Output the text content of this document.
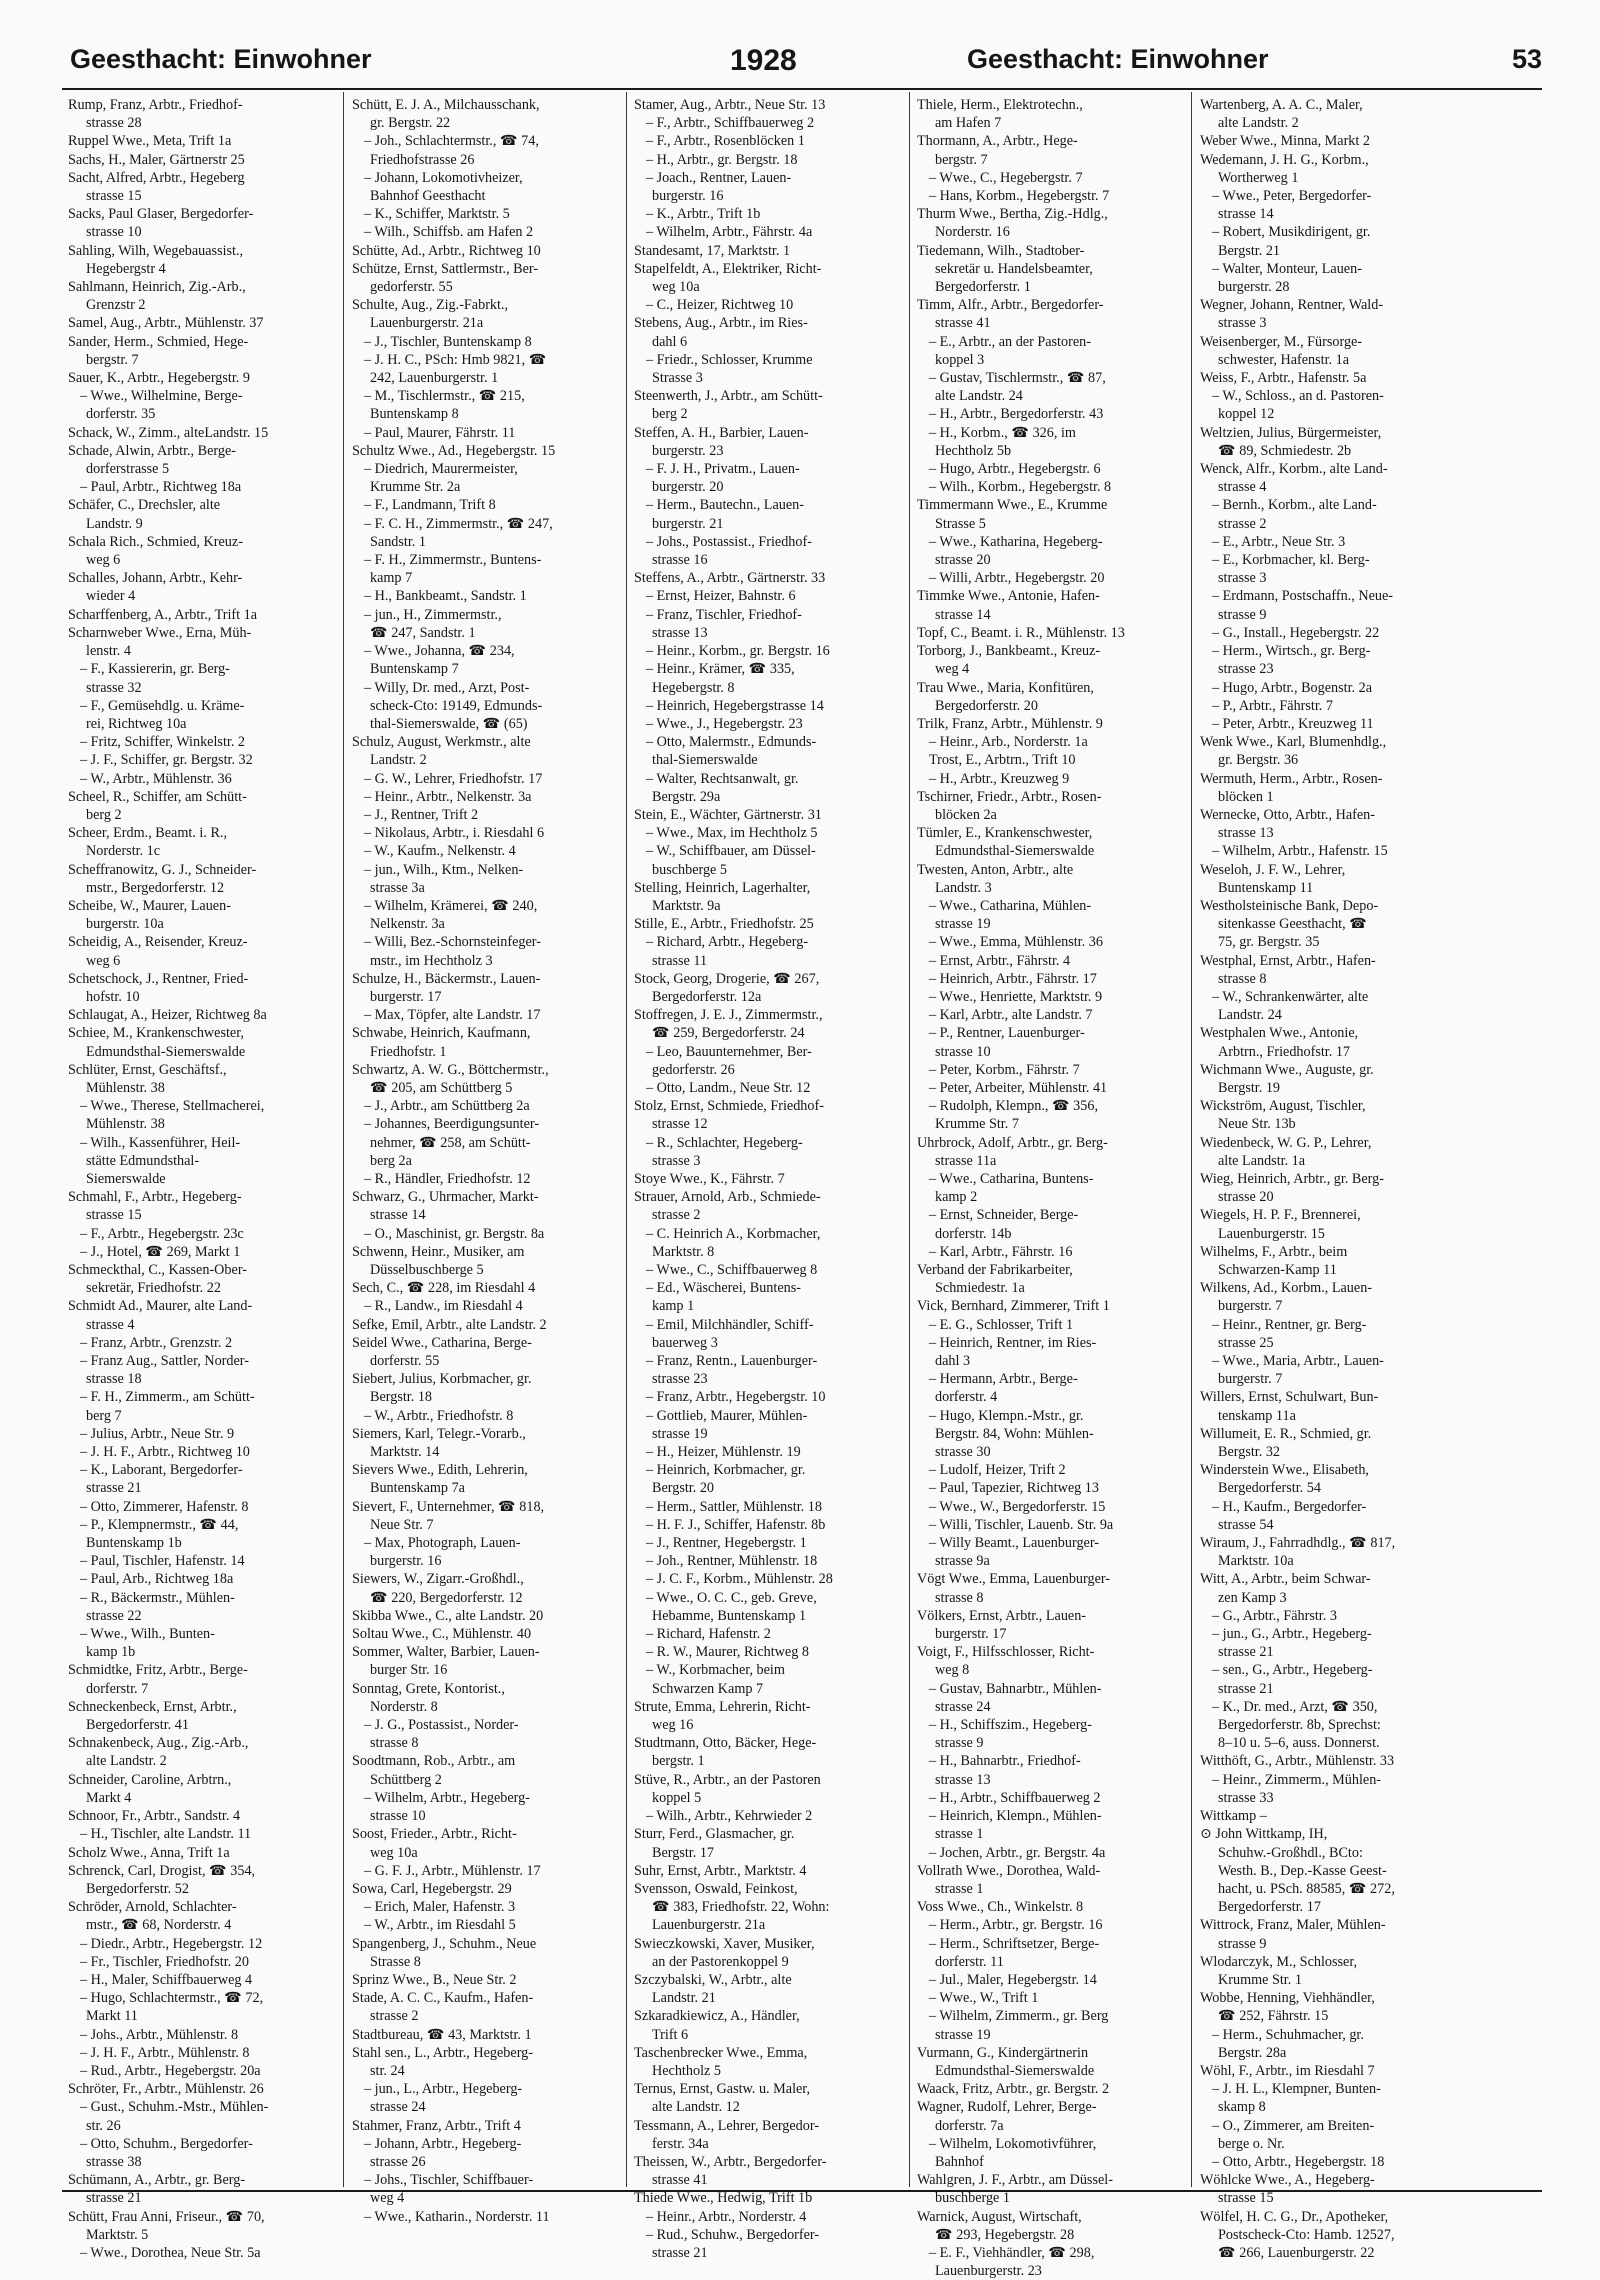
Geesthacht: Einwohner	1928	Geesthacht: Einwohner	53
Rump, Franz, Arbtr., Friedhof-
strasse 28
Ruppel Wwe., Meta, Trift 1a
Sachs, H., Maler, Gärtnerstr 25
Sacht, Alfred, Arbtr., Hegeberg
strasse 15
Sacks, Paul Glaser, Bergedorfer-
strasse 10
Sahling, Wilh, Wegebauassist.,
Hegebergstr 4
Sahlmann, Heinrich, Zig.-Arb.,
Grenzstr 2
Samel, Aug., Arbtr., Mühlenstr. 37
Sander, Herm., Schmied, Hege-
bergstr. 7
Sauer, K., Arbtr., Hegebergstr. 9
– Wwe., Wilhelmine, Berge-
dorferstr. 35
Schack, W., Zimm., alteLandstr. 15
Schade, Alwin, Arbtr., Berge-
dorferstrasse 5
– Paul, Arbtr., Richtweg 18a
Schäfer, C., Drechsler, alte
Landstr. 9
Schala Rich., Schmied, Kreuz-
weg 6
Schalles, Johann, Arbtr., Kehr-
wieder 4
Scharffenberg, A., Arbtr., Trift 1a
Scharnweber Wwe., Erna, Müh-
lenstr. 4
– F., Kassiererin, gr. Berg-
strasse 32
– F., Gemüsehdlg. u. Kräme-
rei, Richtweg 10a
– Fritz, Schiffer, Winkelstr. 2
– J. F., Schiffer, gr. Bergstr. 32
– W., Arbtr., Mühlenstr. 36
Scheel, R., Schiffer, am Schütt-
berg 2
Scheer, Erdm., Beamt. i. R.,
Norderstr. 1c
Scheffranowitz, G. J., Schneider-
mstr., Bergedorferstr. 12
Scheibe, W., Maurer, Lauen-
burgerstr. 10a
Scheidig, A., Reisender, Kreuz-
weg 6
Schetschock, J., Rentner, Fried-
hofstr. 10
Schlaugat, A., Heizer, Richtweg 8a
Schiee, M., Krankenschwester,
Edmundsthal-Siemerswalde
Schlüter, Ernst, Geschäftsf.,
Mühlenstr. 38
– Wwe., Therese, Stellmacherei,
Mühlenstr. 38
– Wilh., Kassenführer, Heil-
stätte Edmundsthal-
Siemerswalde
Schmahl, F., Arbtr., Hegeberg-
strasse 15
– F., Arbtr., Hegebergstr. 23c
– J., Hotel, ☎ 269, Markt 1
Schmeckthal, C., Kassen-Ober-
sekretär, Friedhofstr. 22
Schmidt Ad., Maurer, alte Land-
strasse 4
– Franz, Arbtr., Grenzstr. 2
– Franz Aug., Sattler, Norder-
strasse 18
– F. H., Zimmerm., am Schütt-
berg 7
– Julius, Arbtr., Neue Str. 9
– J. H. F., Arbtr., Richtweg 10
– K., Laborant, Bergedorfer-
strasse 21
– Otto, Zimmerer, Hafenstr. 8
– P., Klempnermstr., ☎ 44,
Buntenskamp 1b
– Paul, Tischler, Hafenstr. 14
– Paul, Arb., Richtweg 18a
– R., Bäckermstr., Mühlen-
strasse 22
– Wwe., Wilh., Bunten-
kamp 1b
Schmidtke, Fritz, Arbtr., Berge-
dorferstr. 7
Schneckenbeck, Ernst, Arbtr.,
Bergedorferstr. 41
Schnakenbeck, Aug., Zig.-Arb.,
alte Landstr. 2
Schneider, Caroline, Arbtrn.,
Markt 4
Schnoor, Fr., Arbtr., Sandstr. 4
– H., Tischler, alte Landstr. 11
Scholz Wwe., Anna, Trift 1a
Schrenck, Carl, Drogist, ☎ 354,
Bergedorferstr. 52
Schröder, Arnold, Schlachter-
mstr., ☎ 68, Norderstr. 4
– Diedr., Arbtr., Hegebergstr. 12
– Fr., Tischler, Friedhofstr. 20
– H., Maler, Schiffbauerweg 4
– Hugo, Schlachtermstr., ☎ 72,
Markt 11
– Johs., Arbtr., Mühlenstr. 8
– J. H. F., Arbtr., Mühlenstr. 8
– Rud., Arbtr., Hegebergstr. 20a
Schröter, Fr., Arbtr., Mühlenstr. 26
– Gust., Schuhm.-Mstr., Mühlen-
str. 26
– Otto, Schuhm., Bergedorfer-
strasse 38
Schümann, A., Arbtr., gr. Berg-
strasse 21
Schütt, Frau Anni, Friseur., ☎ 70,
Marktstr. 5
– Wwe., Dorothea, Neue Str. 5a
Schütt, E. J. A., Milchausschank,
gr. Bergstr. 22
– Joh., Schlachtermstr., ☎ 74,
Friedhofstrasse 26
– Johann, Lokomotivheizer,
Bahnhof Geesthacht
– K., Schiffer, Marktstr. 5
– Wilh., Schiffsb. am Hafen 2
Schütte, Ad., Arbtr., Richtweg 10
Schütze, Ernst, Sattlermstr., Ber-
gedorferstr. 55
Schulte, Aug., Zig.-Fabrkt.,
Lauenburgerstr. 21a
– J., Tischler, Buntenskamp 8
– J. H. C., PSch: Hmb 9821, ☎
242, Lauenburgerstr. 1
– M., Tischlermstr., ☎ 215,
Buntenskamp 8
– Paul, Maurer, Fährstr. 11
Schultz Wwe., Ad., Hegebergstr. 15
– Diedrich, Maurermeister,
Krumme Str. 2a
– F., Landmann, Trift 8
– F. C. H., Zimmermstr., ☎ 247,
Sandstr. 1
– F. H., Zimmermstr., Buntens-
kamp 7
– H., Bankbeamt., Sandstr. 1
– jun., H., Zimmermstr.,
☎ 247, Sandstr. 1
– Wwe., Johanna, ☎ 234,
Buntenskamp 7
– Willy, Dr. med., Arzt, Post-
scheck-Cto: 19149, Edmunds-
thal-Siemerswalde, ☎ (65)
Schulz, August, Werkmstr., alte
Landstr. 2
– G. W., Lehrer, Friedhofstr. 17
– Heinr., Arbtr., Nelkenstr. 3a
– J., Rentner, Trift 2
– Nikolaus, Arbtr., i. Riesdahl 6
– W., Kaufm., Nelkenstr. 4
– jun., Wilh., Ktm., Nelken-
strasse 3a
– Wilhelm, Krämerei, ☎ 240,
Nelkenstr. 3a
– Willi, Bez.-Schornsteinfeger-
mstr., im Hechtholz 3
Schulze, H., Bäckermstr., Lauen-
burgerstr. 17
– Max, Töpfer, alte Landstr. 17
Schwabe, Heinrich, Kaufmann,
Friedhofstr. 1
Schwartz, A. W. G., Böttchermstr.,
☎ 205, am Schüttberg 5
– J., Arbtr., am Schüttberg 2a
– Johannes, Beerdigungsunter-
nehmer, ☎ 258, am Schütt-
berg 2a
– R., Händler, Friedhofstr. 12
Schwarz, G., Uhrmacher, Markt-
strasse 14
– O., Maschinist, gr. Bergstr. 8a
Schwenn, Heinr., Musiker, am
Düsselbuschberge 5
Sech, C., ☎ 228, im Riesdahl 4
– R., Landw., im Riesdahl 4
Sefke, Emil, Arbtr., alte Landstr. 2
Seidel Wwe., Catharina, Berge-
dorferstr. 55
Siebert, Julius, Korbmacher, gr.
Bergstr. 18
– W., Arbtr., Friedhofstr. 8
Siemers, Karl, Telegr.-Vorarb.,
Marktstr. 14
Sievers Wwe., Edith, Lehrerin,
Buntenskamp 7a
Sievert, F., Unternehmer, ☎ 818,
Neue Str. 7
– Max, Photograph, Lauen-
burgerstr. 16
Siewers, W., Zigarr.-Großhdl.,
☎ 220, Bergedorferstr. 12
Skibba Wwe., C., alte Landstr. 20
Soltau Wwe., C., Mühlenstr. 40
Sommer, Walter, Barbier, Lauen-
burger Str. 16
Sonntag, Grete, Kontorist.,
Norderstr. 8
– J. G., Postassist., Norder-
strasse 8
Soodtmann, Rob., Arbtr., am
Schüttberg 2
– Wilhelm, Arbtr., Hegeberg-
strasse 10
Soost, Frieder., Arbtr., Richt-
weg 10a
– G. F. J., Arbtr., Mühlenstr. 17
Sowa, Carl, Hegebergstr. 29
– Erich, Maler, Hafenstr. 3
– W., Arbtr., im Riesdahl 5
Spangenberg, J., Schuhm., Neue
Strasse 8
Sprinz Wwe., B., Neue Str. 2
Stade, A. C. C., Kaufm., Hafen-
strasse 2
Stadtbureau, ☎ 43, Marktstr. 1
Stahl sen., L., Arbtr., Hegeberg-
str. 24
– jun., L., Arbtr., Hegeberg-
strasse 24
Stahmer, Franz, Arbtr., Trift 4
– Johann, Arbtr., Hegeberg-
strasse 26
– Johs., Tischler, Schiffbauer-
weg 4
– Wwe., Katharin., Norderstr. 11
Stamer, Aug., Arbtr., Neue Str. 13
– F., Arbtr., Schiffbauerweg 2
– F., Arbtr., Rosenblöcken 1
– H., Arbtr., gr. Bergstr. 18
– Joach., Rentner, Lauen-
burgerstr. 16
– K., Arbtr., Trift 1b
– Wilhelm, Arbtr., Fährstr. 4a
Standesamt, 17, Marktstr. 1
Stapelfeldt, A., Elektriker, Richt-
weg 10a
– C., Heizer, Richtweg 10
Stebens, Aug., Arbtr., im Ries-
dahl 6
– Friedr., Schlosser, Krumme
Strasse 3
Steenwerth, J., Arbtr., am Schütt-
berg 2
Steffen, A. H., Barbier, Lauen-
burgerstr. 23
– F. J. H., Privatm., Lauen-
burgerstr. 20
– Herm., Bautechn., Lauen-
burgerstr. 21
– Johs., Postassist., Friedhof-
strasse 16
Steffens, A., Arbtr., Gärtnerstr. 33
– Ernst, Heizer, Bahnstr. 6
– Franz, Tischler, Friedhof-
strasse 13
– Heinr., Korbm., gr. Bergstr. 16
– Heinr., Krämer, ☎ 335,
Hegebergstr. 8
– Heinrich, Hegebergstrasse 14
– Wwe., J., Hegebergstr. 23
– Otto, Malermstr., Edmunds-
thal-Siemerswalde
– Walter, Rechtsanwalt, gr.
Bergstr. 29a
Stein, E., Wächter, Gärtnerstr. 31
– Wwe., Max, im Hechtholz 5
– W., Schiffbauer, am Düssel-
buschberge 5
Stelling, Heinrich, Lagerhalter,
Marktstr. 9a
Stille, E., Arbtr., Friedhofstr. 25
– Richard, Arbtr., Hegeberg-
strasse 11
Stock, Georg, Drogerie, ☎ 267,
Bergedorferstr. 12a
Stoffregen, J. E. J., Zimmermstr.,
☎ 259, Bergedorferstr. 24
– Leo, Bauunternehmer, Ber-
gedorferstr. 26
– Otto, Landm., Neue Str. 12
Stolz, Ernst, Schmiede, Friedhof-
strasse 12
– R., Schlachter, Hegeberg-
strasse 3
Stoye Wwe., K., Fährstr. 7
Strauer, Arnold, Arb., Schmiede-
strasse 2
– C. Heinrich A., Korbmacher,
Marktstr. 8
– Wwe., C., Schiffbauerweg 8
– Ed., Wäscherei, Buntens-
kamp 1
– Emil, Milchhändler, Schiff-
bauerweg 3
– Franz, Rentn., Lauenburger-
strasse 23
– Franz, Arbtr., Hegebergstr. 10
– Gottlieb, Maurer, Mühlen-
strasse 19
– H., Heizer, Mühlenstr. 19
– Heinrich, Korbmacher, gr.
Bergstr. 20
– Herm., Sattler, Mühlenstr. 18
– H. F. J., Schiffer, Hafenstr. 8b
– J., Rentner, Hegebergstr. 1
– Joh., Rentner, Mühlenstr. 18
– J. C. F., Korbm., Mühlenstr. 28
– Wwe., O. C. C., geb. Greve,
Hebamme, Buntenskamp 1
– Richard, Hafenstr. 2
– R. W., Maurer, Richtweg 8
– W., Korbmacher, beim
Schwarzen Kamp 7
Strute, Emma, Lehrerin, Richt-
weg 16
Studtmann, Otto, Bäcker, Hege-
bergstr. 1
Stüve, R., Arbtr., an der Pastoren
koppel 5
– Wilh., Arbtr., Kehrwieder 2
Sturr, Ferd., Glasmacher, gr.
Bergstr. 17
Suhr, Ernst, Arbtr., Marktstr. 4
Svensson, Oswald, Feinkost,
☎ 383, Friedhofstr. 22, Wohn:
Lauenburgerstr. 21a
Swieczkowski, Xaver, Musiker,
an der Pastorenkoppel 9
Szczybalski, W., Arbtr., alte
Landstr. 21
Szkaradkiewicz, A., Händler,
Trift 6
Taschenbrecker Wwe., Emma,
Hechtholz 5
Ternus, Ernst, Gastw. u. Maler,
alte Landstr. 12
Tessmann, A., Lehrer, Bergedor-
ferstr. 34a
Theissen, W., Arbtr., Bergedorfer-
strasse 41
Thiede Wwe., Hedwig, Trift 1b
– Heinr., Arbtr., Norderstr. 4
– Rud., Schuhw., Bergedorfer-
strasse 21
Thiele, Herm., Elektrotechn.,
am Hafen 7
Thormann, A., Arbtr., Hege-
bergstr. 7
– Wwe., C., Hegebergstr. 7
– Hans, Korbm., Hegebergstr. 7
Thurm Wwe., Bertha, Zig.-Hdlg.,
Norderstr. 16
Tiedemann, Wilh., Stadtober-
sekretär u. Handelsbeamter,
Bergedorferstr. 1
Timm, Alfr., Arbtr., Bergedorfer-
strasse 41
– E., Arbtr., an der Pastoren-
koppel 3
– Gustav, Tischlermstr., ☎ 87,
alte Landstr. 24
– H., Arbtr., Bergedorferstr. 43
– H., Korbm., ☎ 326, im
Hechtholz 5b
– Hugo, Arbtr., Hegebergstr. 6
– Wilh., Korbm., Hegebergstr. 8
Timmermann Wwe., E., Krumme
Strasse 5
– Wwe., Katharina, Hegeberg-
strasse 20
– Willi, Arbtr., Hegebergstr. 20
Timmke Wwe., Antonie, Hafen-
strasse 14
Topf, C., Beamt. i. R., Mühlenstr. 13
Torborg, J., Bankbeamt., Kreuz-
weg 4
Trau Wwe., Maria, Konfitüren,
Bergedorferstr. 20
Trilk, Franz, Arbtr., Mühlenstr. 9
– Heinr., Arb., Norderstr. 1a
Trost, E., Arbtrn., Trift 10
– H., Arbtr., Kreuzweg 9
Tschirner, Friedr., Arbtr., Rosen-
blöcken 2a
Tümler, E., Krankenschwester,
Edmundsthal-Siemerswalde
Twesten, Anton, Arbtr., alte
Landstr. 3
– Wwe., Catharina, Mühlen-
strasse 19
– Wwe., Emma, Mühlenstr. 36
– Ernst, Arbtr., Fährstr. 4
– Heinrich, Arbtr., Fährstr. 17
– Wwe., Henriette, Marktstr. 9
– Karl, Arbtr., alte Landstr. 7
– P., Rentner, Lauenburger-
strasse 10
– Peter, Korbm., Fährstr. 7
– Peter, Arbeiter, Mühlenstr. 41
– Rudolph, Klempn., ☎ 356,
Krumme Str. 7
Uhrbrock, Adolf, Arbtr., gr. Berg-
strasse 11a
– Wwe., Catharina, Buntens-
kamp 2
– Ernst, Schneider, Berge-
dorferstr. 14b
– Karl, Arbtr., Fährstr. 16
Verband der Fabrikarbeiter,
Schmiedestr. 1a
Vick, Bernhard, Zimmerer, Trift 1
– E. G., Schlosser, Trift 1
– Heinrich, Rentner, im Ries-
dahl 3
– Hermann, Arbtr., Berge-
dorferstr. 4
– Hugo, Klempn.-Mstr., gr.
Bergstr. 84, Wohn: Mühlen-
strasse 30
– Ludolf, Heizer, Trift 2
– Paul, Tapezier, Richtweg 13
– Wwe., W., Bergedorferstr. 15
– Willi, Tischler, Lauenb. Str. 9a
– Willy Beamt., Lauenburger-
strasse 9a
Vögt Wwe., Emma, Lauenburger-
strasse 8
Völkers, Ernst, Arbtr., Lauen-
burgerstr. 17
Voigt, F., Hilfsschlosser, Richt-
weg 8
– Gustav, Bahnarbtr., Mühlen-
strasse 24
– H., Schiffszim., Hegeberg-
strasse 9
– H., Bahnarbtr., Friedhof-
strasse 13
– H., Arbtr., Schiffbauerweg 2
– Heinrich, Klempn., Mühlen-
strasse 1
– Jochen, Arbtr., gr. Bergstr. 4a
Vollrath Wwe., Dorothea, Wald-
strasse 1
Voss Wwe., Ch., Winkelstr. 8
– Herm., Arbtr., gr. Bergstr. 16
– Herm., Schriftsetzer, Berge-
dorferstr. 11
– Jul., Maler, Hegebergstr. 14
– Wwe., W., Trift 1
– Wilhelm, Zimmerm., gr. Berg
strasse 19
Vurmann, G., Kindergärtnerin
Edmundsthal-Siemerswalde
Waack, Fritz, Arbtr., gr. Bergstr. 2
Wagner, Rudolf, Lehrer, Berge-
dorferstr. 7a
– Wilhelm, Lokomotivführer,
Bahnhof
Wahlgren, J. F., Arbtr., am Düssel-
buschberge 1
Warnick, August, Wirtschaft,
☎ 293, Hegebergstr. 28
– E. F., Viehhändler, ☎ 298,
Lauenburgerstr. 23
Wartenberg, A. A. C., Maler,
alte Landstr. 2
Weber Wwe., Minna, Markt 2
Wedemann, J. H. G., Korbm.,
Wortherweg 1
– Wwe., Peter, Bergedorfer-
strasse 14
– Robert, Musikdirigent, gr.
Bergstr. 21
– Walter, Monteur, Lauen-
burgerstr. 28
Wegner, Johann, Rentner, Wald-
strasse 3
Weisenberger, M., Fürsorge-
schwester, Hafenstr. 1a
Weiss, F., Arbtr., Hafenstr. 5a
– W., Schloss., an d. Pastoren-
koppel 12
Weltzien, Julius, Bürgermeister,
☎ 89, Schmiedestr. 2b
Wenck, Alfr., Korbm., alte Land-
strasse 4
– Bernh., Korbm., alte Land-
strasse 2
– E., Arbtr., Neue Str. 3
– E., Korbmacher, kl. Berg-
strasse 3
– Erdmann, Postschaffn., Neue-
strasse 9
– G., Install., Hegebergstr. 22
– Herm., Wirtsch., gr. Berg-
strasse 23
– Hugo, Arbtr., Bogenstr. 2a
– P., Arbtr., Fährstr. 7
– Peter, Arbtr., Kreuzweg 11
Wenk Wwe., Karl, Blumenhdlg.,
gr. Bergstr. 36
Wermuth, Herm., Arbtr., Rosen-
blöcken 1
Wernecke, Otto, Arbtr., Hafen-
strasse 13
– Wilhelm, Arbtr., Hafenstr. 15
Weseloh, J. F. W., Lehrer,
Buntenskamp 11
Westholsteinische Bank, Depo-
sitenkasse Geesthacht, ☎
75, gr. Bergstr. 35
Westphal, Ernst, Arbtr., Hafen-
strasse 8
– W., Schrankenwärter, alte
Landstr. 24
Westphalen Wwe., Antonie,
Arbtrn., Friedhofstr. 17
Wichmann Wwe., Auguste, gr.
Bergstr. 19
Wickström, August, Tischler,
Neue Str. 13b
Wiedenbeck, W. G. P., Lehrer,
alte Landstr. 1a
Wieg, Heinrich, Arbtr., gr. Berg-
strasse 20
Wiegels, H. P. F., Brennerei,
Lauenburgerstr. 15
Wilhelms, F., Arbtr., beim
Schwarzen-Kamp 11
Wilkens, Ad., Korbm., Lauen-
burgerstr. 7
– Heinr., Rentner, gr. Berg-
strasse 25
– Wwe., Maria, Arbtr., Lauen-
burgerstr. 7
Willers, Ernst, Schulwart, Bun-
tenskamp 11a
Willumeit, E. R., Schmied, gr.
Bergstr. 32
Winderstein Wwe., Elisabeth,
Bergedorferstr. 54
– H., Kaufm., Bergedorfer-
strasse 54
Wiraum, J., Fahrradhdlg., ☎ 817,
Marktstr. 10a
Witt, A., Arbtr., beim Schwar-
zen Kamp 3
– G., Arbtr., Fährstr. 3
– jun., G., Arbtr., Hegeberg-
strasse 21
– sen., G., Arbtr., Hegeberg-
strasse 21
– K., Dr. med., Arzt, ☎ 350,
Bergedorferstr. 8b, Sprechst:
8–10 u. 5–6, auss. Donnerst.
Witthöft, G., Arbtr., Mühlenstr. 33
– Heinr., Zimmerm., Mühlen-
strasse 33
Wittkamp –
⊙ John Wittkamp, IH,
Schuhw.-Großhdl., BCto:
Westh. B., Dep.-Kasse Geest-
hacht, u. PSch. 88585, ☎ 272,
Bergedorferstr. 17
Wittrock, Franz, Maler, Mühlen-
strasse 9
Wlodarczyk, M., Schlosser,
Krumme Str. 1
Wobbe, Henning, Viehhändler,
☎ 252, Fährstr. 15
– Herm., Schuhmacher, gr.
Bergstr. 28a
Wöhl, F., Arbtr., im Riesdahl 7
– J. H. L., Klempner, Bunten-
skamp 8
– O., Zimmerer, am Breiten-
berge o. Nr.
– Otto, Arbtr., Hegebergstr. 18
Wöhlcke Wwe., A., Hegeberg-
strasse 15
Wölfel, H. C. G., Dr., Apotheker,
Postscheck-Cto: Hamb. 12527,
☎ 266, Lauenburgerstr. 22
